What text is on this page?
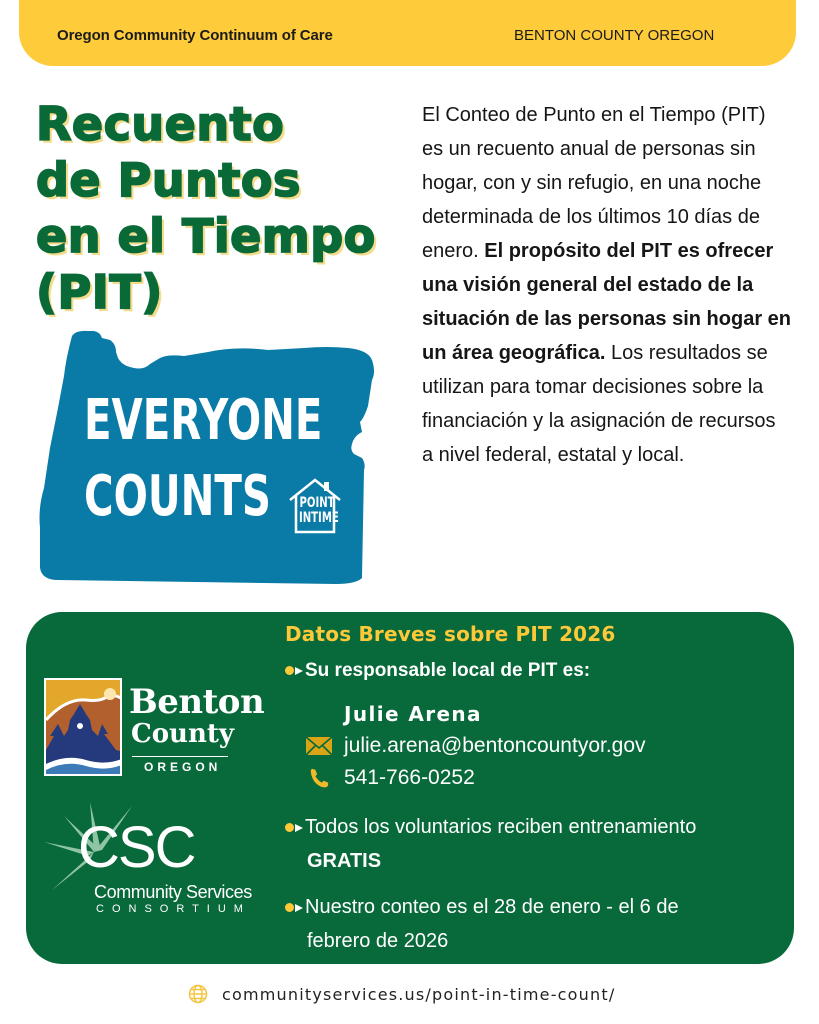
Oregon Community Continuum of Care	BENTON COUNTY OREGON
Recuento
de Puntos
en el Tiempo
(PIT)
EVERYONE
COUNTS POINT
INTIME

El Conteo de Punto en el Tiempo (PIT) es un recuento anual de personas sin hogar, con y sin refugio, en una noche determinada de los últimos 10 días de enero. El propósito del PIT es ofrecer una visión general del estado de la situación de las personas sin hogar en un área geográfica. Los resultados se utilizan para tomar decisiones sobre la financiación y la asignación de recursos a nivel federal, estatal y local.

Benton
County
OREGON
CSC
Community Services
CONSORTIUM
Datos Breves sobre PIT 2026
Su responsable local de PIT es:
Julie Arena
julie.arena@bentoncountyor.gov
541-766-0252
Todos los voluntarios reciben entrenamiento
GRATIS
Nuestro conteo es el 28 de enero - el 6 de
febrero de 2026
communityservices.us/point-in-time-count/
